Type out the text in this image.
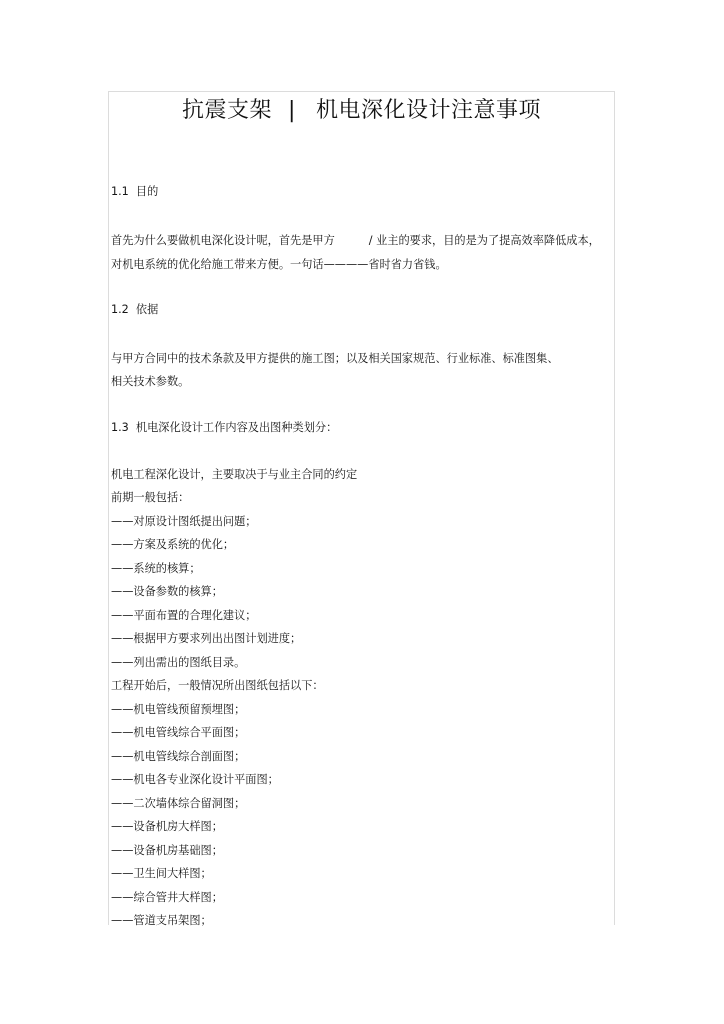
抗震支架 | 机电深化设计注意事项
1.1  目的
首先为什么要做机电深化设计呢，首先是甲方	/ 业主的要求，目的是为了提高效率降低成本，
对机电系统的优化给施工带来方便。一句话————省时省力省钱。
1.2  依据
与甲方合同中的技术条款及甲方提供的施工图；以及相关国家规范、行业标准、标准图集、
相关技术参数。
1.3  机电深化设计工作内容及出图种类划分：
机电工程深化设计，主要取决于与业主合同的约定
前期一般包括：
——对原设计图纸提出问题；
——方案及系统的优化；
——系统的核算；
——设备参数的核算；
——平面布置的合理化建议；
——根据甲方要求列出出图计划进度；
——列出需出的图纸目录。
工程开始后，一般情况所出图纸包括以下：
——机电管线预留预埋图；
——机电管线综合平面图；
——机电管线综合剖面图；
——机电各专业深化设计平面图；
——二次墙体综合留洞图；
——设备机房大样图；
——设备机房基础图；
——卫生间大样图；
——综合管井大样图；
——管道支吊架图；
